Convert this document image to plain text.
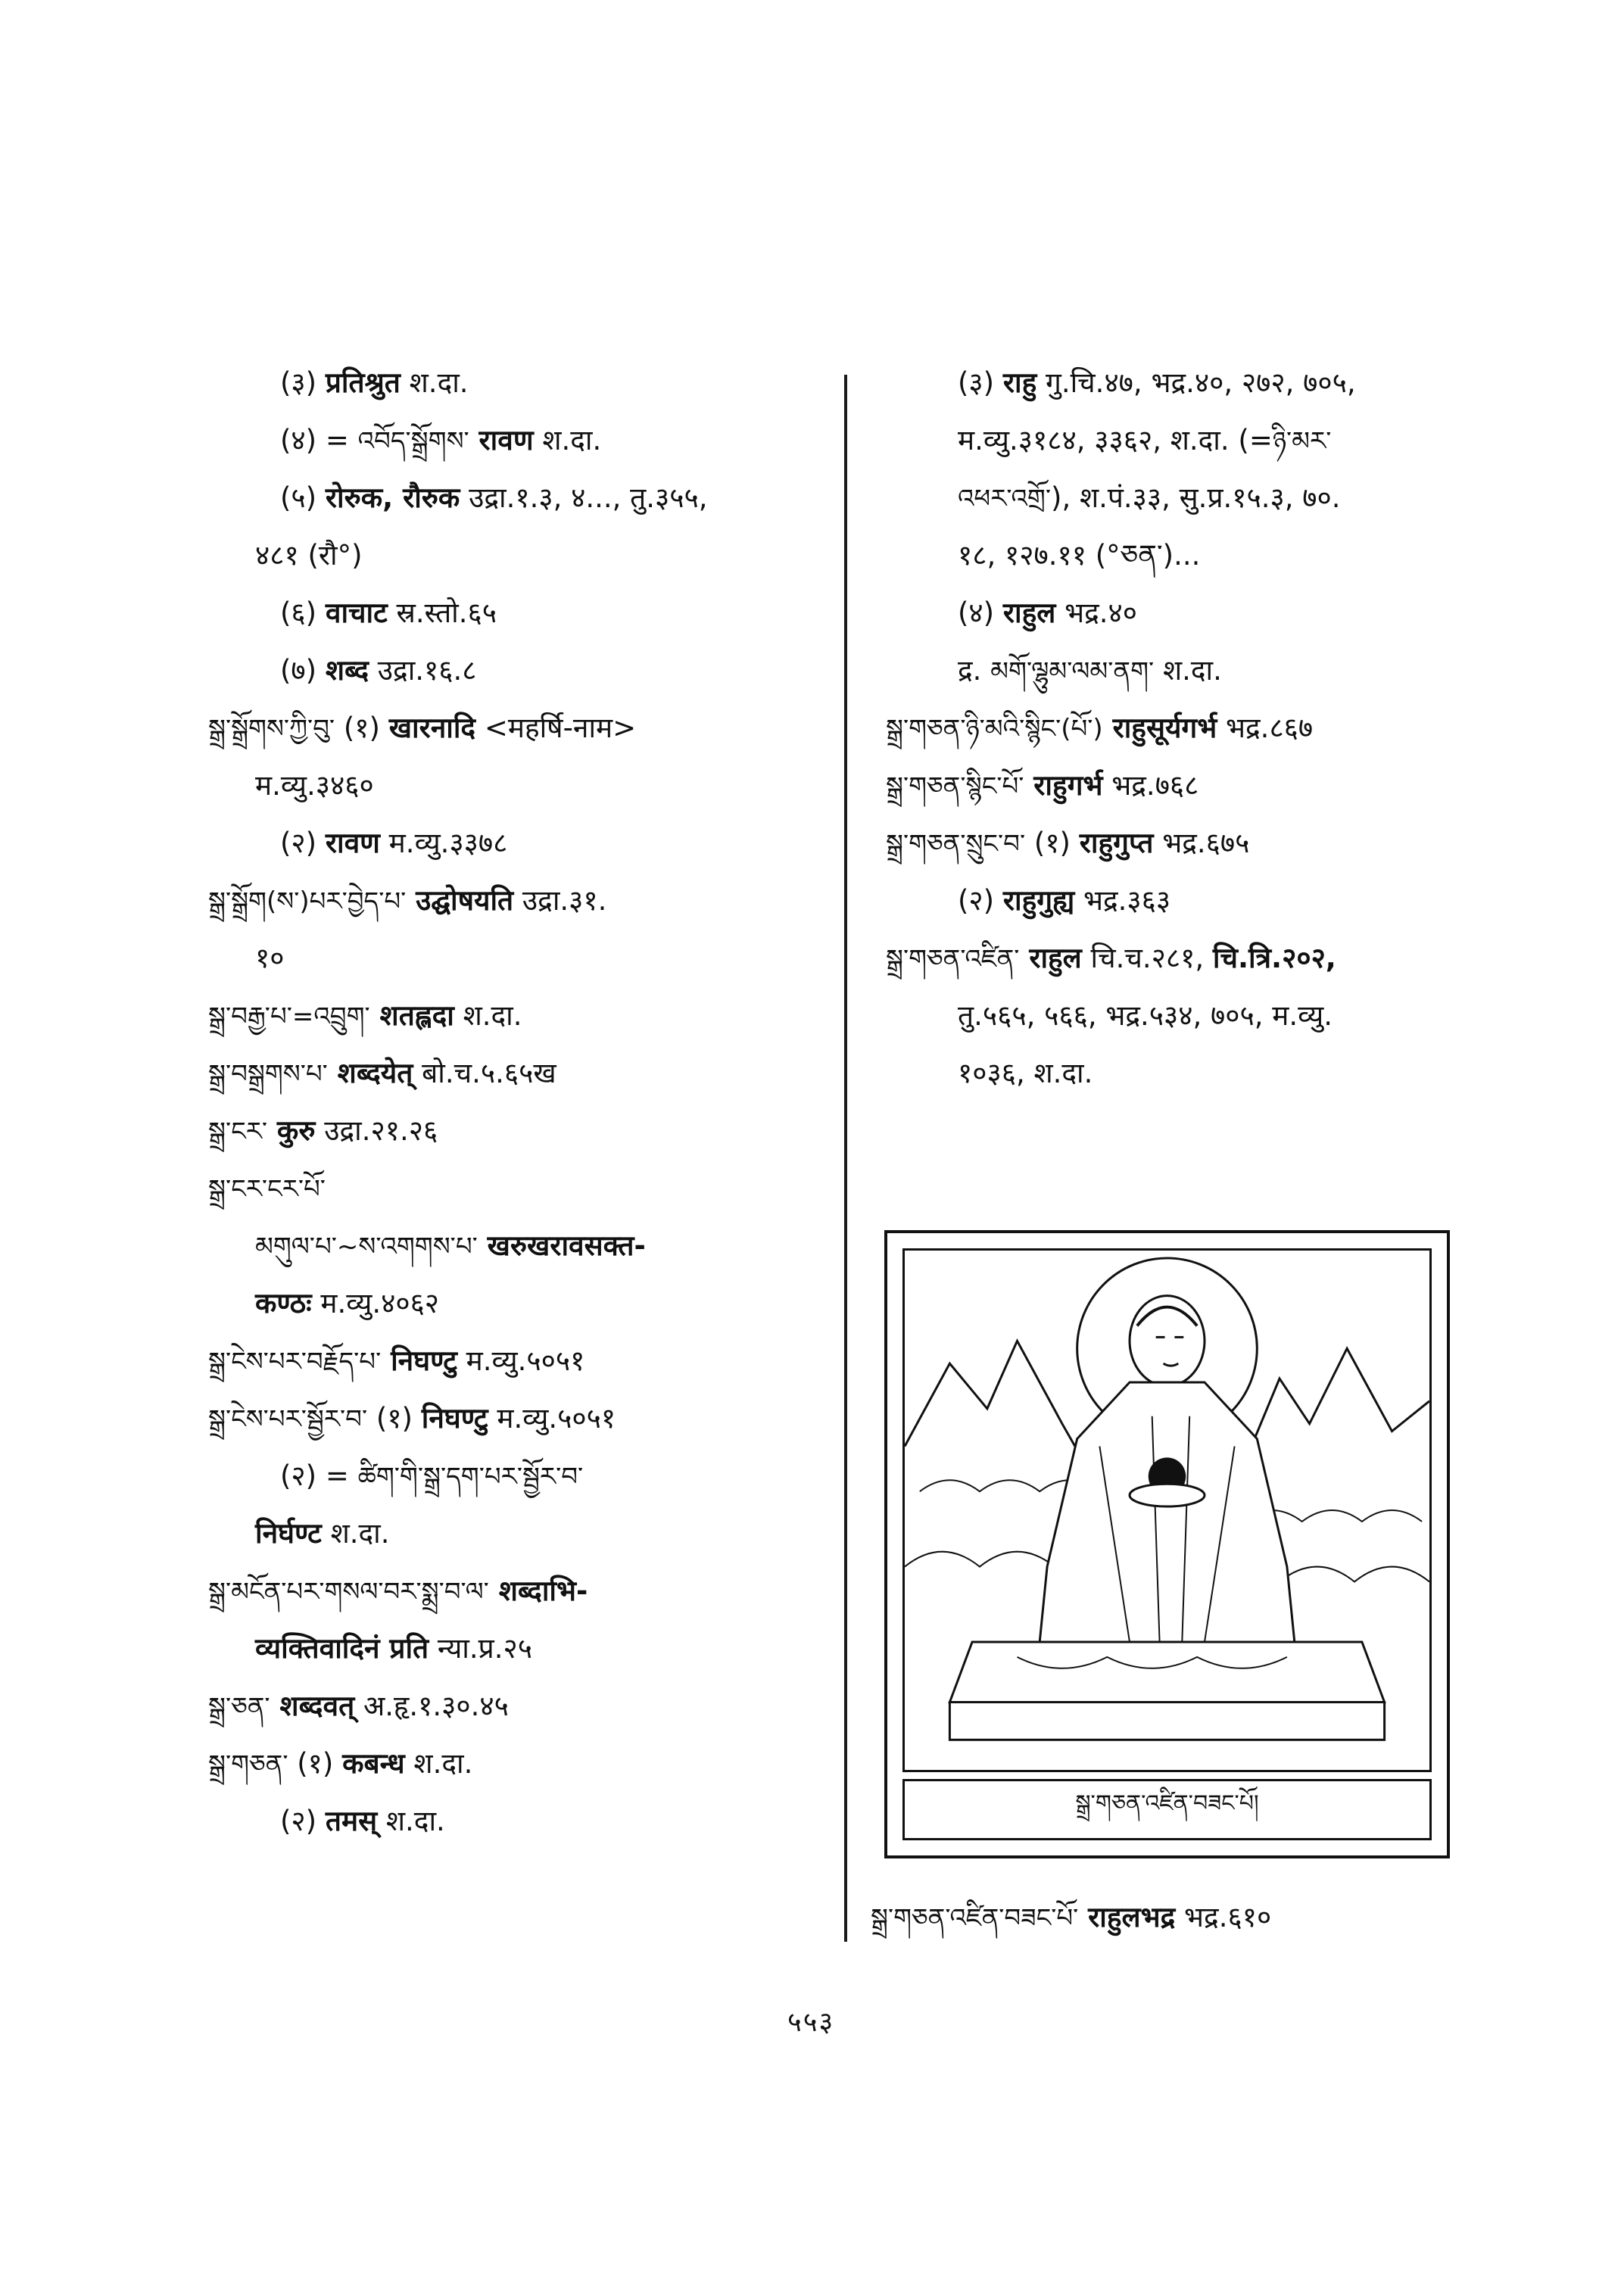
(३) प्रतिश्रुत श.दा.
(४) = འབོད་སྒྲོགས་ रावण श.दा.
(५) रोरुक, रौरुक उद्रा.१.३, ४..., तु.३५५,
४८१ (रौ°)
(६) वाचाट स्र.स्तो.६५
(७) शब्द उद्रा.१६.८
སྒྲ་སྒྲོགས་ཀྱི་བུ་ (१) खारनादि <महर्षि-नाम>
म.व्यु.३४६०
(२) रावण म.व्यु.३३७८
སྒྲ་སྒྲོག(ས་)པར་བྱེད་པ་ उद्घोषयति उद्रा.३१.
१०
སྒྲ་བརྒྱ་པ་=འབྲུག་ शतह्लदा श.दा.
སྒྲ་བསྒྲགས་པ་ शब्दयेत् बो.च.५.६५ख
སྒྲ་ངར་ कुरु उद्रा.२१.२६
སྒྲ་ངར་ངར་པོ་
མགུལ་པ་~ས་འགགས་པ་ खरुखरावसक्त-
कण्ठः म.व्यु.४०६२
སྒྲ་ངེས་པར་བརྗོད་པ་ निघण्टु म.व्यु.५०५१
སྒྲ་ངེས་པར་སྦྱོར་བ་ (१) निघण्टु म.व्यु.५०५१
(२) = ཚིག་གི་སྒྲ་དག་པར་སྦྱོར་བ་
निर्घण्ट श.दा.
སྒྲ་མངོན་པར་གསལ་བར་སྨྲ་བ་ལ་ शब्दाभि-
व्यक्तिवादिनं प्रति न्या.प्र.२५
སྒྲ་ཅན་ शब्दवत् अ.हृ.१.३०.४५
སྒྲ་གཅན་ (१) कबन्ध श.दा.
(२) तमस् श.दा.
(३) राहु गु.चि.४७, भद्र.४०, २७२, ७०५,
म.व्यु.३१८४, ३३६२, श.दा. (=ཉི་མར་
འཕར་འགྲོ་), श.पं.३३, सु.प्र.१५.३, ७०.
१८, १२७.११ (°ཅན་)...
(४) राहुल भद्र.४०
द्र. མགོ་ལྷུམ་ལམ་ནག་ श.दा.
སྒྲ་གཅན་ཉི་མའི་སྙིང་(པོ་) राहुसूर्यगर्भ भद्र.८६७
སྒྲ་གཅན་སྙིང་པོ་ राहुगर्भ भद्र.७६८
སྒྲ་གཅན་སྲུང་བ་ (१) राहुगुप्त भद्र.६७५
(२) राहुगुह्य भद्र.३६३
སྒྲ་གཅན་འཛིན་ राहुल चि.च.२८१, चि.त्रि.२०२,
तु.५६५, ५६६, भद्र.५३४, ७०५, म.व्यु.
१०३६, श.दा.
སྒྲ་གཅན་འཛིན་བཟང་པོ།
སྒྲ་གཅན་འཛིན་བཟང་པོ་ राहुलभद्र भद्र.६१०
५५३
